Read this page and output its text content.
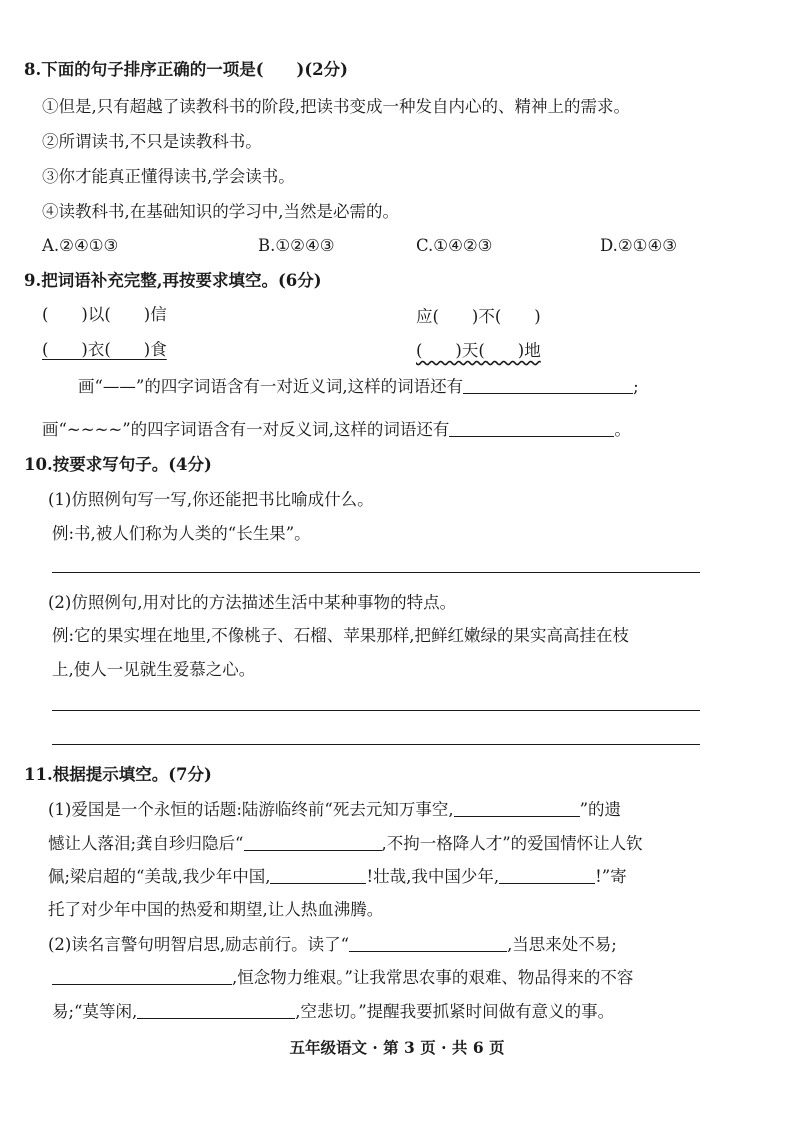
8.下面的句子排序正确的一项是(　　)(2分)
①但是,只有超越了读教科书的阶段,把读书变成一种发自内心的、精神上的需求。
②所谓读书,不只是读教科书。
③你才能真正懂得读书,学会读书。
④读教科书,在基础知识的学习中,当然是必需的。
A.②④①③	B.①②④③	C.①④②③	D.②①④③
9.把词语补充完整,再按要求填空。(6分)
(　　)以(　　)信	应(　　)不(　　)
(　　)衣(　　)食	(　　)天(　　)地
画“——”的四字词语含有一对近义词,这样的词语还有	;
画“~~~~”的四字词语含有一对反义词,这样的词语还有	。
10.按要求写句子。(4分)
(1)仿照例句写一写,你还能把书比喻成什么。
例:书,被人们称为人类的“长生果”。
(2)仿照例句,用对比的方法描述生活中某种事物的特点。
例:它的果实埋在地里,不像桃子、石榴、苹果那样,把鲜红嫩绿的果实高高挂在枝
上,使人一见就生爱慕之心。
11.根据提示填空。(7分)
(1)爱国是一个永恒的话题:陆游临终前“死去元知万事空,	”的遗
憾让人落泪;龚自珍归隐后“	,不拘一格降人才”的爱国情怀让人钦
佩;梁启超的“美哉,我少年中国,	!壮哉,我中国少年,	!”寄
托了对少年中国的热爱和期望,让人热血沸腾。
(2)读名言警句明智启思,励志前行。读了“	,当思来处不易;
,恒念物力维艰。”让我常思农事的艰难、物品得来的不容
易;“莫等闲,	,空悲切。”提醒我要抓紧时间做有意义的事。
五年级语文 · 第 3 页 · 共 6 页
